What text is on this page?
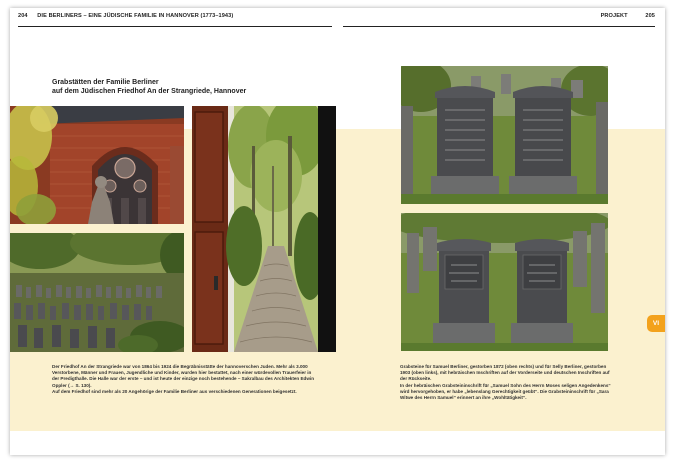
204 DIE BERLINERS – EINE JÜDISCHE FAMILIE IN HANNOVER (1773–1943)	PROJEKT	205
Grabstätten der Familie Berliner
auf dem Jüdischen Friedhof An der Strangriede, Hannover

Der Friedhof An der Strangriede war von 1864 bis 1924 die Begräbnisstätte der hannoverschen Juden. Mehr als 3.000 Verstorbene, Männer und Frauen, Jugendliche und Kinder, wurden hier bestattet, nach einer würdevollen Trauerfeier in der Predigthalle. Die Halle war der erste – und ist heute der einzige noch bestehende – Sakralbau des Architekten Edwin Oppler (→ S. 130).

Auf dem Friedhof sind mehr als 20 Angehörige der Familie Berliner aus verschiedenen Generationen beigesetzt.

Grabsteine für Samuel Berliner, gestorben 1872 (oben rechts) und für Selly Berliner, gestorben 1903 (oben links), mit hebräischen Inschriften auf der Vorderseite und deutschen Inschriften auf der Rückseite.

In der hebräischen Grabsteininschrift für „Samuel Sohn des Herrn Moses seligen Angedenkens“ wird hervorgehoben, er habe „lebenslang Gerechtigkeit geübt“. Die Grabsteininschrift für „Sara Witwe des Herrn Samuel“ erinnert an ihre „Wohltätigkeit“.

VI
